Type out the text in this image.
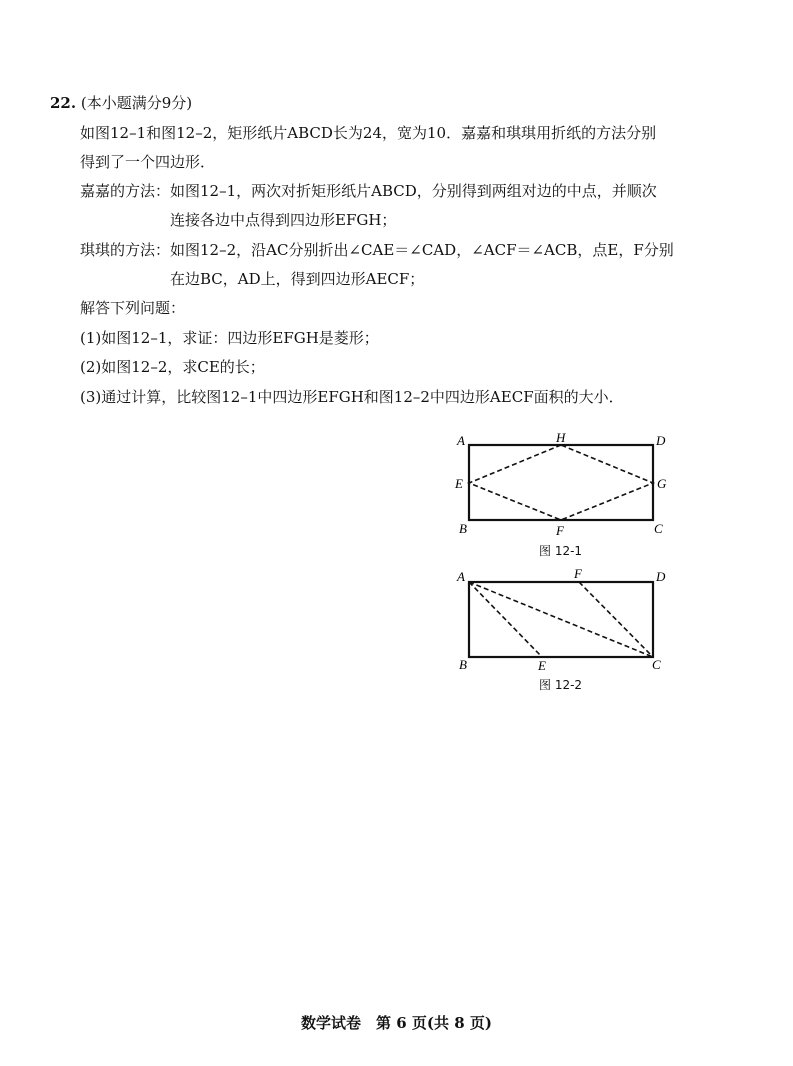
22. (本小题满分9分)
如图12–1和图12–2，矩形纸片ABCD长为24，宽为10．嘉嘉和琪琪用折纸的方法分别
得到了一个四边形．
嘉嘉的方法：如图12–1，两次对折矩形纸片ABCD，分别得到两组对边的中点，并顺次
连接各边中点得到四边形EFGH；
琪琪的方法：如图12–2，沿AC分别折出∠CAE＝∠CAD，∠ACF＝∠ACB，点E，F分别
在边BC，AD上，得到四边形AECF；
解答下列问题：
(1)如图12–1，求证：四边形EFGH是菱形；
(2)如图12–2，求CE的长；
(3)通过计算，比较图12–1中四边形EFGH和图12–2中四边形AECF面积的大小．
A	H	D
E	G
B	F	C
图 12-1
A	F	D
B	E	C
图 12-2
数学试卷　第 6 页(共 8 页)
